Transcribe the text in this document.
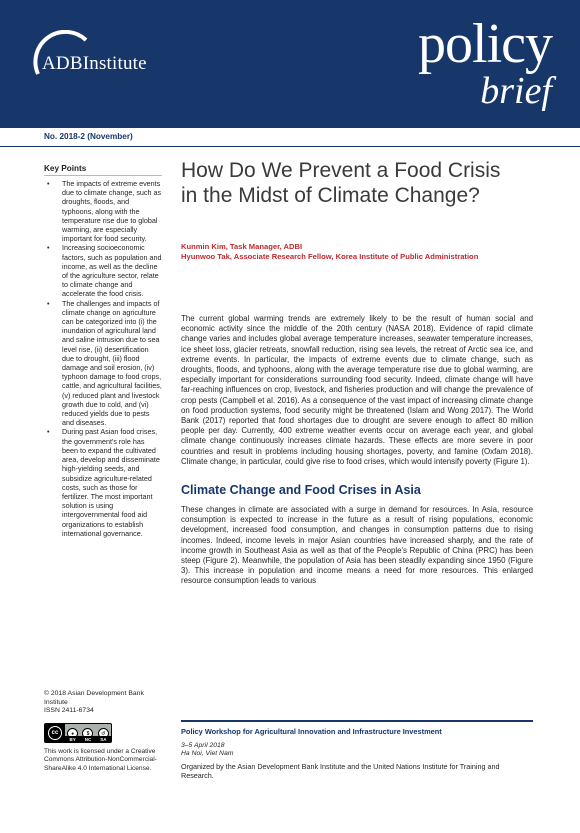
ADBInstitute	policy
brief
No. 2018-2 (November)
Key Points
• The impacts of extreme events due to climate change, such as droughts, floods, and typhoons, along with the temperature rise due to global warming, are especially important for food security.
• Increasing socioeconomic factors, such as population and income, as well as the decline of the agriculture sector, relate to climate change and accelerate the food crisis.
• The challenges and impacts of climate change on agriculture can be categorized into (i) the inundation of agricultural land and saline intrusion due to sea level rise, (ii) desertification due to drought, (iii) flood damage and soil erosion, (iv) typhoon damage to food crops, cattle, and agricultural facilities, (v) reduced plant and livestock growth due to cold, and (vi) reduced yields due to pests and diseases.
• During past Asian food crises, the government's role has been to expand the cultivated area, develop and disseminate high-yielding seeds, and subsidize agriculture-related costs, such as those for fertilizer. The most important solution is using intergovernmental food aid organizations to establish international governance.
© 2018 Asian Development Bank Institute
ISSN 2411-6734
cc	●	$	↺
BY NC SA
This work is licensed under a Creative Commons Attribution-NonCommercial-ShareAlike 4.0 International License.
How Do We Prevent a Food Crisis
in the Midst of Climate Change?
Kunmin Kim, Task Manager, ADBI
Hyunwoo Tak, Associate Research Fellow, Korea Institute of Public Administration

The current global warming trends are extremely likely to be the result of human social and economic activity since the middle of the 20th century (NASA 2018). Evidence of rapid climate change varies and includes global average temperature increases, seawater temperature increases, ice sheet loss, glacier retreats, snowfall reduction, rising sea levels, the retreat of Arctic sea ice, and extreme events. In particular, the impacts of extreme events due to climate change, such as droughts, floods, and typhoons, along with the average temperature rise due to global warming, are especially important for considerations surrounding food security. Indeed, climate change will have far-reaching influences on crop, livestock, and fisheries production and will change the prevalence of crop pests (Campbell et al. 2016). As a consequence of the vast impact of increasing climate change on food production systems, food security might be threatened (Islam and Wong 2017). The World Bank (2017) reported that food shortages due to drought are severe enough to affect 80 million people per day. Currently, 400 extreme weather events occur on average each year, and global climate change continuously increases climate hazards. These effects are more severe in poor countries and result in problems including housing shortages, poverty, and famine (Oxfam 2018). Climate change, in particular, could give rise to food crises, which would intensify poverty (Figure 1).

Climate Change and Food Crises in Asia

These changes in climate are associated with a surge in demand for resources. In Asia, resource consumption is expected to increase in the future as a result of rising populations, economic development, increased food consumption, and changes in consumption patterns due to rising incomes. Indeed, income levels in major Asian countries have increased sharply, and the rate of income growth in Southeast Asia as well as that of the People's Republic of China (PRC) has been steep (Figure 2). Meanwhile, the population of Asia has been steadily expanding since 1950 (Figure 3). This increase in population and income means a need for more resources. This enlarged resource consumption leads to various

Policy Workshop for Agricultural Innovation and Infrastructure Investment
3–5 April 2018
Ha Noi, Viet Nam
Organized by the Asian Development Bank Institute and the United Nations Institute for Training and Research.
